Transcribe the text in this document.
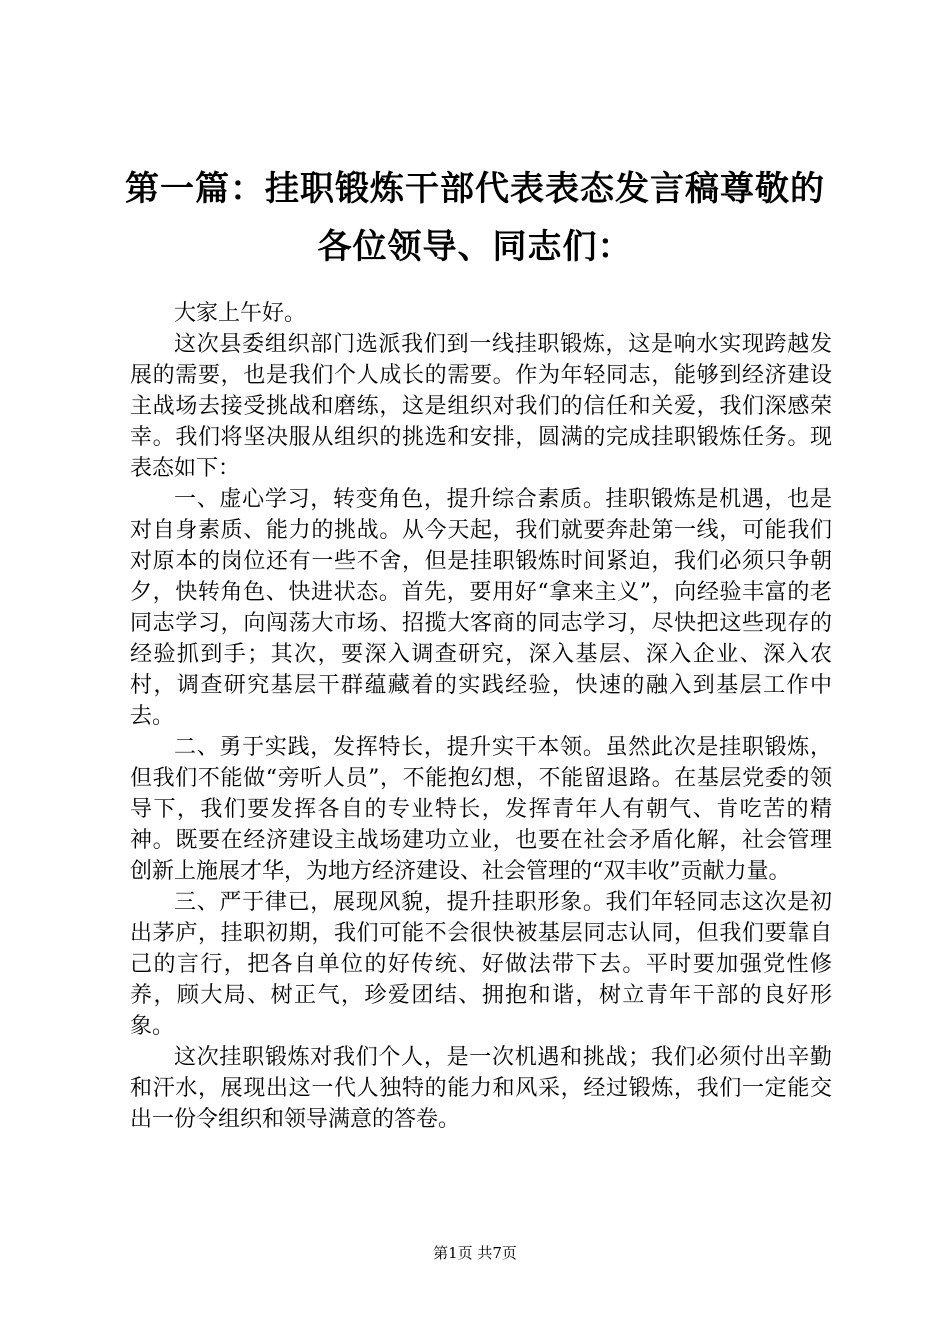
第一篇：挂职锻炼干部代表表态发言稿尊敬的各位领导、同志们：

大家上午好。

这次县委组织部门选派我们到一线挂职锻炼，这是响水实现跨越发展的需要，也是我们个人成长的需要。作为年轻同志，能够到经济建设主战场去接受挑战和磨练，这是组织对我们的信任和关爱，我们深感荣幸。我们将坚决服从组织的挑选和安排，圆满的完成挂职锻炼任务。现表态如下：

一、虚心学习，转变角色，提升综合素质。挂职锻炼是机遇，也是对自身素质、能力的挑战。从今天起，我们就要奔赴第一线，可能我们对原本的岗位还有一些不舍，但是挂职锻炼时间紧迫，我们必须只争朝夕，快转角色、快进状态。首先，要用好“拿来主义”，向经验丰富的老同志学习，向闯荡大市场、招揽大客商的同志学习，尽快把这些现存的经验抓到手；其次，要深入调查研究，深入基层、深入企业、深入农村，调查研究基层干群蕴藏着的实践经验，快速的融入到基层工作中去。

二、勇于实践，发挥特长，提升实干本领。虽然此次是挂职锻炼，但我们不能做“旁听人员”，不能抱幻想，不能留退路。在基层党委的领导下，我们要发挥各自的专业特长，发挥青年人有朝气、肯吃苦的精神。既要在经济建设主战场建功立业，也要在社会矛盾化解，社会管理创新上施展才华，为地方经济建设、社会管理的“双丰收”贡献力量。

三、严于律已，展现风貌，提升挂职形象。我们年轻同志这次是初出茅庐，挂职初期，我们可能不会很快被基层同志认同，但我们要靠自己的言行，把各自单位的好传统、好做法带下去。平时要加强党性修养，顾大局、树正气，珍爱团结、拥抱和谐，树立青年干部的良好形象。

这次挂职锻炼对我们个人，是一次机遇和挑战；我们必须付出辛勤和汗水，展现出这一代人独特的能力和风采，经过锻炼，我们一定能交出一份令组织和领导满意的答卷。

第1页 共7页
